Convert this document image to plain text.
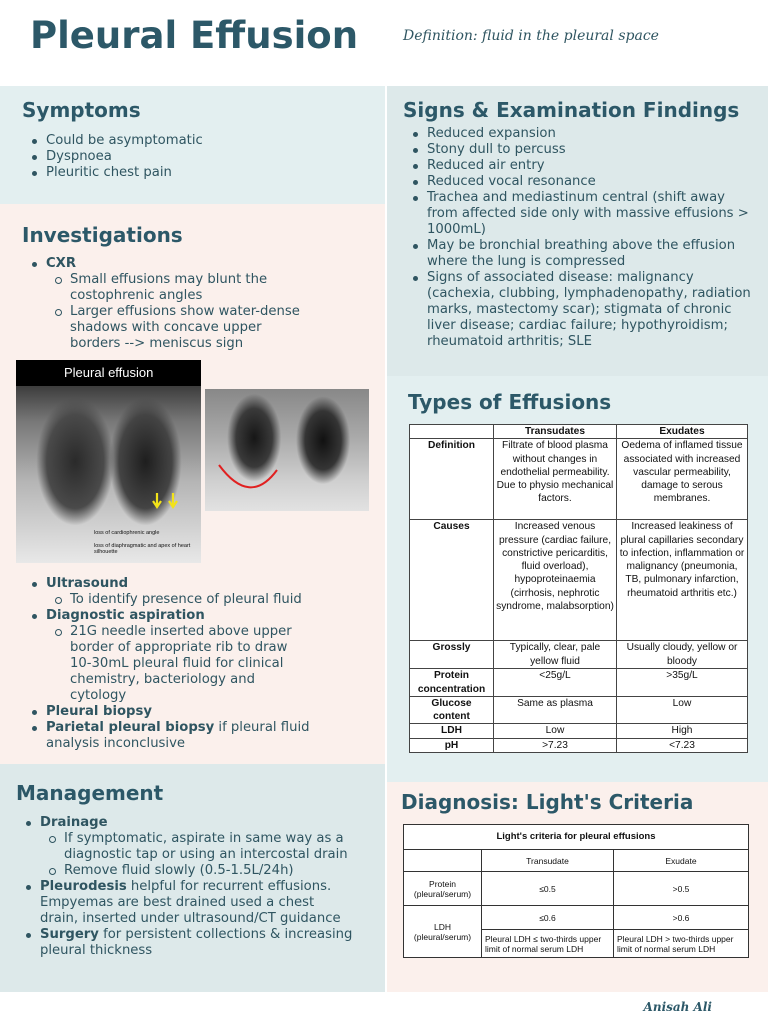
Pleural Effusion	Definition: fluid in the pleural space
Symptoms
Could be asymptomatic
Dyspnoea
Pleuritic chest pain
Investigations
CXR
Small effusions may blunt the costophrenic angles
Larger effusions show water-dense shadows with concave upper borders --> meniscus sign
Pleural effusion
loss of cardiophrenic angle
loss of diaphragmatic and apex of heart silhouette
Ultrasound
To identify presence of pleural fluid
Diagnostic aspiration
21G needle inserted above upper border of appropriate rib to draw 10-30mL pleural fluid for clinical chemistry, bacteriology and cytology
Pleural biopsy
Parietal pleural biopsy if pleural fluid analysis inconclusive
Management
Drainage
If symptomatic, aspirate in same way as a diagnostic tap or using an intercostal drain
Remove fluid slowly (0.5-1.5L/24h)
Pleurodesis helpful for recurrent effusions. Empyemas are best drained used a chest drain, inserted under ultrasound/CT guidance
Surgery for persistent collections & increasing pleural thickness
Signs & Examination Findings
Reduced expansion
Stony dull to percuss
Reduced air entry
Reduced vocal resonance
Trachea and mediastinum central (shift away from affected side only with massive effusions > 1000mL)
May be bronchial breathing above the effusion where the lung is compressed
Signs of associated disease: malignancy (cachexia, clubbing, lymphadenopathy, radiation marks, mastectomy scar); stigmata of chronic liver disease; cardiac failure; hypothyroidism; rheumatoid arthritis; SLE
Types of Effusions
	Transudates	Exudates
Definition	Filtrate of blood plasma without changes in endothelial permeability. Due to physio mechanical factors.	Oedema of inflamed tissue associated with increased vascular permeability, damage to serous membranes.
Causes	Increased venous pressure (cardiac failure, constrictive pericarditis, fluid overload), hypoproteinaemia (cirrhosis, nephrotic syndrome, malabsorption)	Increased leakiness of plural capillaries secondary to infection, inflammation or malignancy (pneumonia, TB, pulmonary infarction, rheumatoid arthritis etc.)
Grossly	Typically, clear, pale yellow fluid	Usually cloudy, yellow or bloody
Protein concentration	<25g/L	>35g/L
Glucose content	Same as plasma	Low
LDH	Low	High
pH	>7.23	<7.23
Diagnosis: Light's Criteria
Light's criteria for pleural effusions		
	Transudate	Exudate
Protein (pleural/serum)	≤0.5	>0.5
LDH (pleural/serum)	≤0.6	>0.6
	Pleural LDH ≤ two-thirds upper limit of normal serum LDH	Pleural LDH > two-thirds upper limit of normal serum LDH
Anisah Ali
